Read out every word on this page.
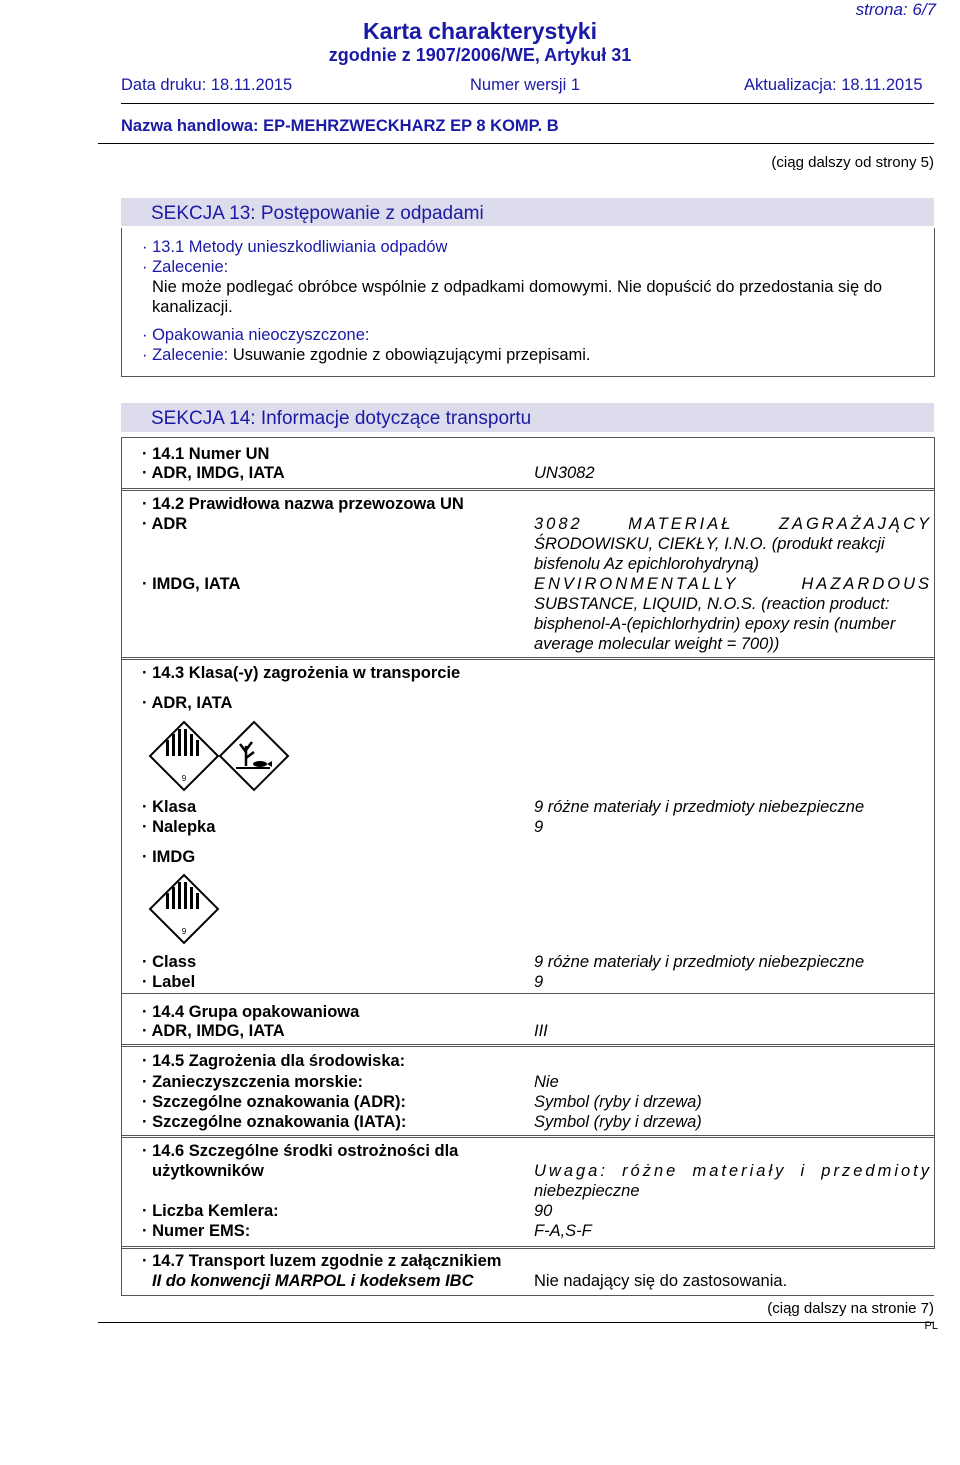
strona: 6/7
Karta charakterystyki
zgodnie z 1907/2006/WE, Artykuł 31
Data druku: 18.11.2015	Numer wersji 1	Aktualizacja: 18.11.2015
Nazwa handlowa: EP-MEHRZWECKHARZ EP 8 KOMP. B
(ciąg dalszy od strony 5)
SEKCJA 13: Postępowanie z odpadami
· 13.1 Metody unieszkodliwiania odpadów
· Zalecenie:
Nie może podlegać obróbce wspólnie z odpadkami domowymi. Nie dopuścić do przedostania się do
kanalizacji.
· Opakowania nieoczyszczone:
· Zalecenie: Usuwanie zgodnie z obowiązującymi przepisami.
SEKCJA 14: Informacje dotyczące transportu
· 14.1 Numer UN
· ADR, IMDG, IATA	UN3082
· 14.2 Prawidłowa nazwa przewozowa UN
· ADR	3082 MATERIAŁ ZAGRAŻAJĄCY
ŚRODOWISKU, CIEKŁY, I.N.O. (produkt reakcji
bisfenolu Az epichlorohydryną)
· IMDG, IATA	ENVIRONMENTALLY HAZARDOUS
SUBSTANCE, LIQUID, N.O.S. (reaction product:
bisphenol-A-(epichlorhydrin) epoxy resin (number
average molecular weight = 700))
· 14.3 Klasa(-y) zagrożenia w transporcie
· ADR, IATA
9
· Klasa	9 różne materiały i przedmioty niebezpieczne
· Nalepka	9
· IMDG
9
· Class	9 różne materiały i przedmioty niebezpieczne
· Label	9
· 14.4 Grupa opakowaniowa
· ADR, IMDG, IATA	III
· 14.5 Zagrożenia dla środowiska:
· Zanieczyszczenia morskie:	Nie
· Szczególne oznakowania (ADR):	Symbol (ryby i drzewa)
· Szczególne oznakowania (IATA):	Symbol (ryby i drzewa)
· 14.6 Szczególne środki ostrożności dla
użytkowników	Uwaga: różne materiały i przedmioty
niebezpieczne
· Liczba Kemlera:	90
· Numer EMS:	F-A,S-F
· 14.7 Transport luzem zgodnie z załącznikiem
II do konwencji MARPOL i kodeksem IBC	Nie nadający się do zastosowania.
(ciąg dalszy na stronie 7)
PL
